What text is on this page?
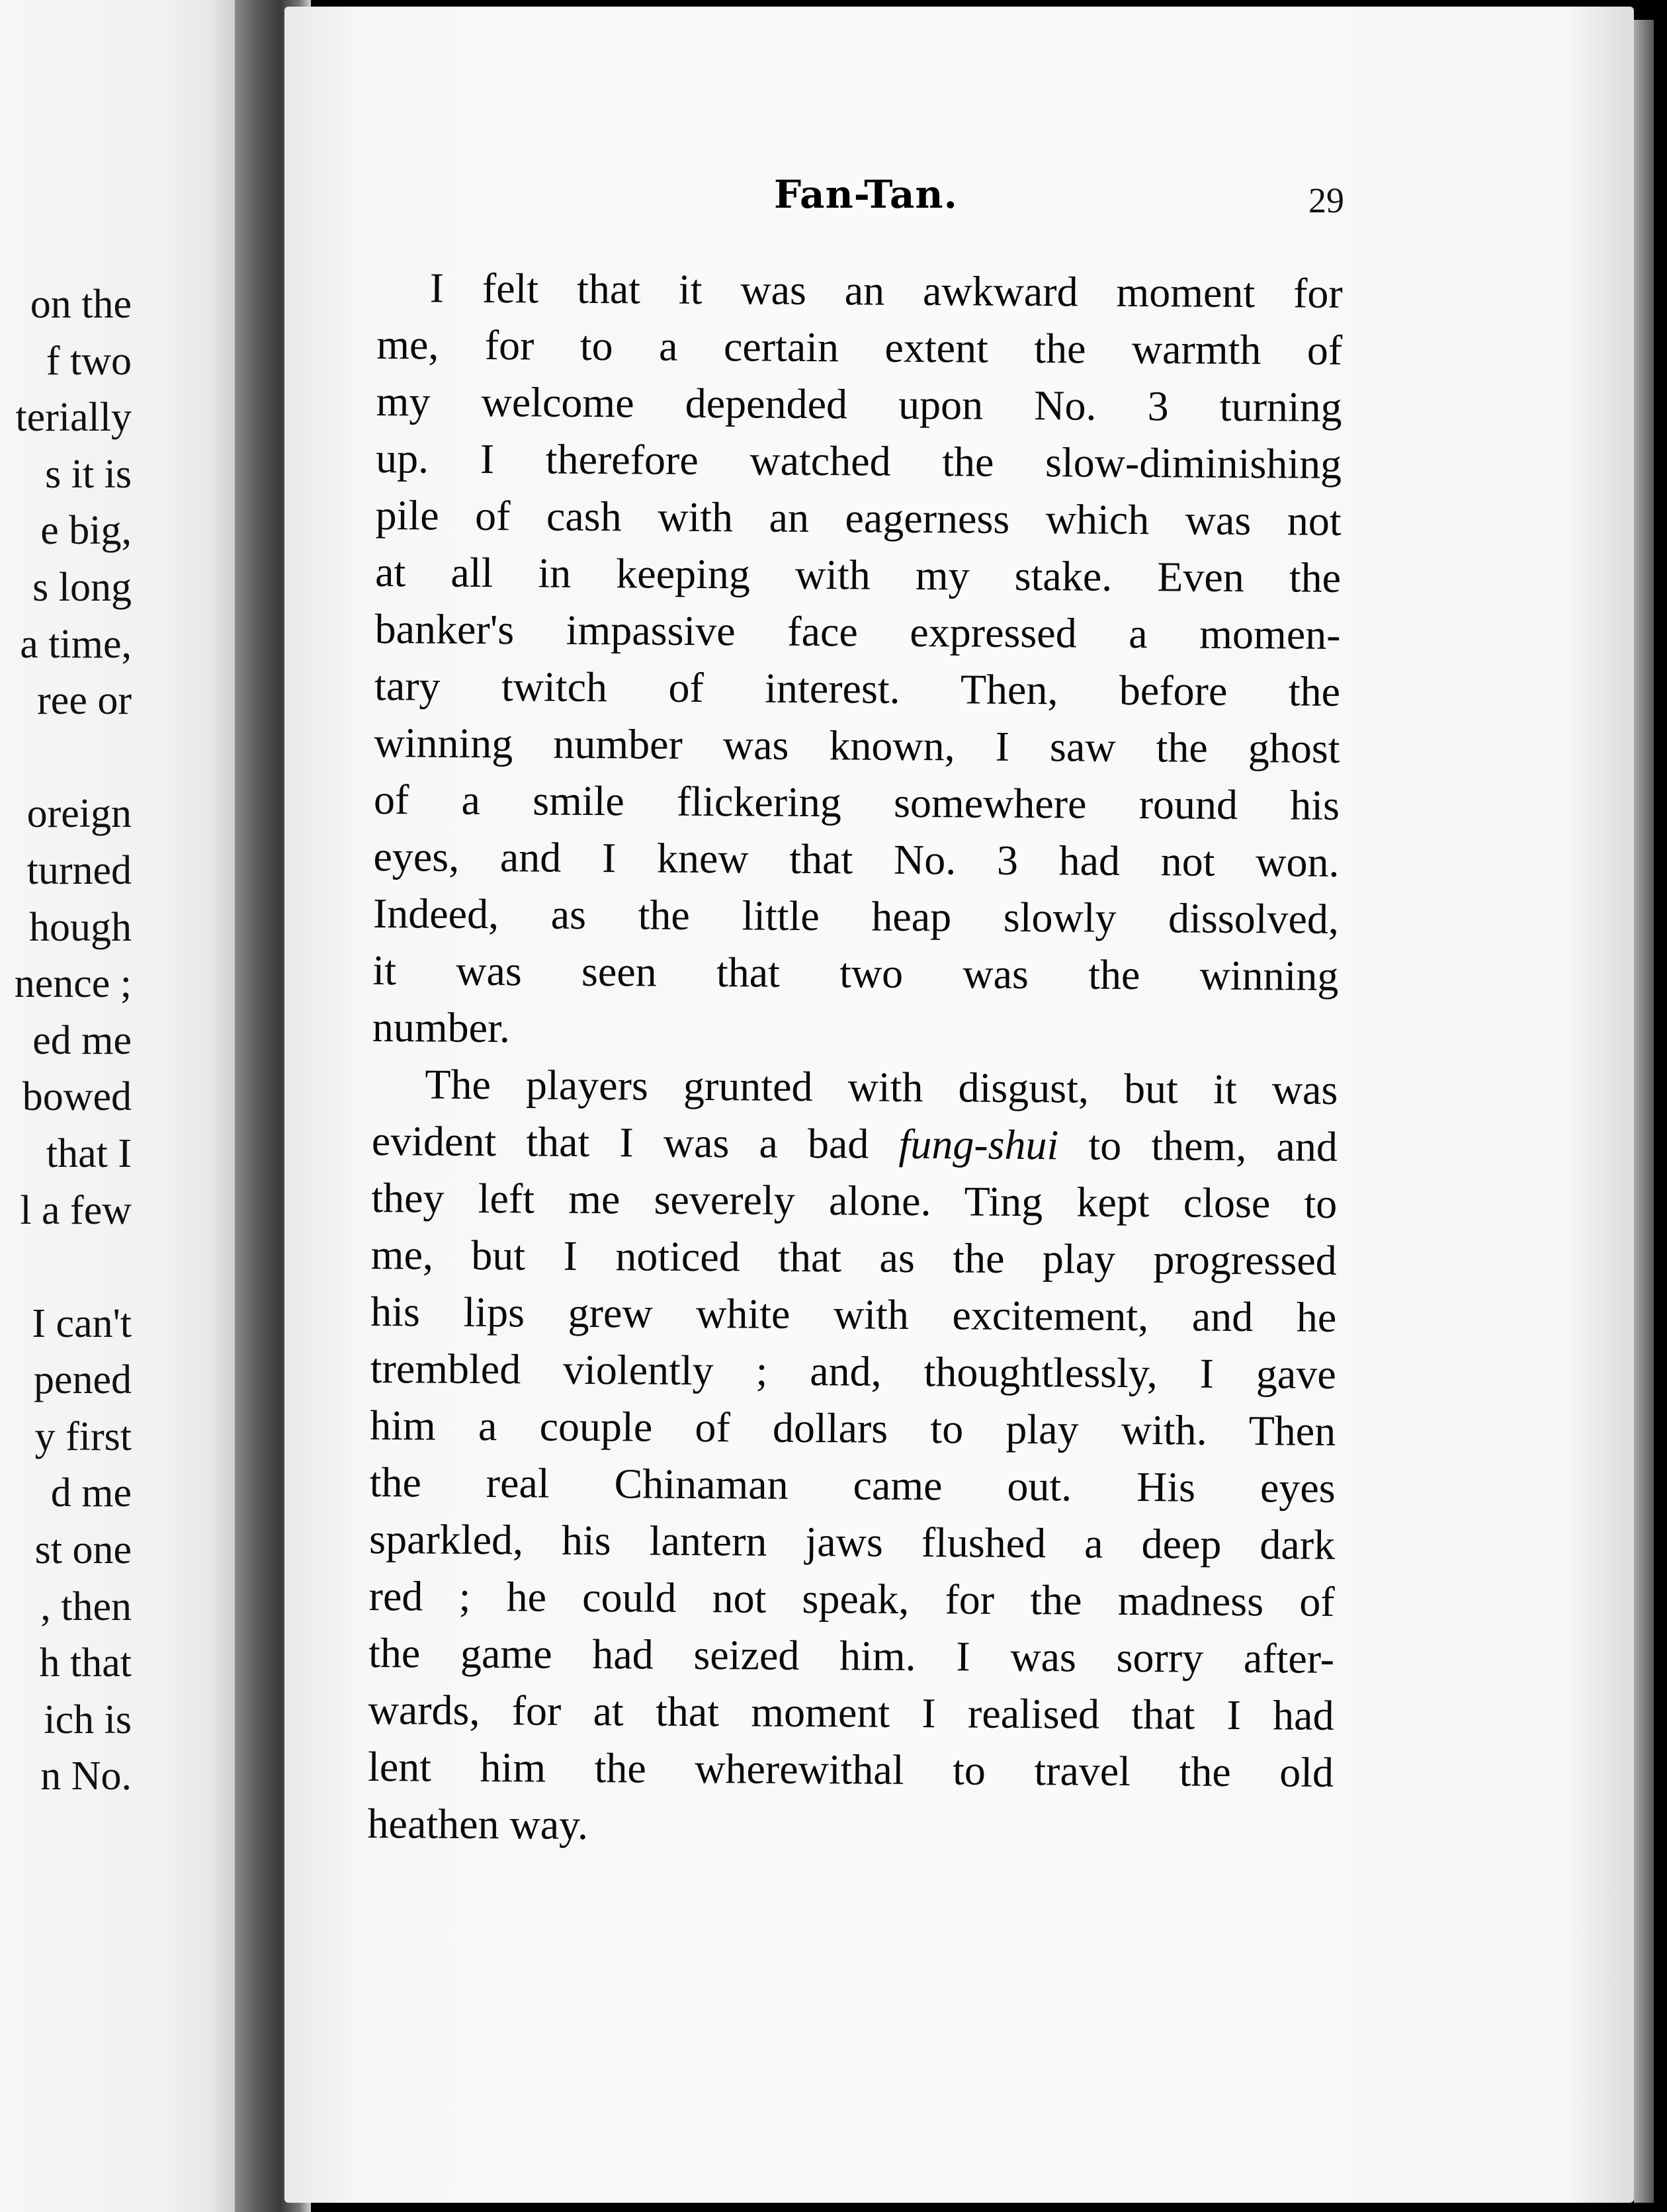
on the
f two
terially
s it is
e big,
s long
a time,
ree or
oreign
turned
hough
nence ;
ed me
bowed
that I
l a few
I can't
pened
y first
d me
st one
, then
h that
ich is
n No.
Fan-Tan.	29
I felt that it was an awkward moment for
me, for to a certain extent the warmth of
my welcome depended upon No. 3 turning
up. I therefore watched the slow-diminishing
pile of cash with an eagerness which was not
at all in keeping with my stake. Even the
banker's impassive face expressed a momen-
tary twitch of interest. Then, before the
winning number was known, I saw the ghost
of a smile flickering somewhere round his
eyes, and I knew that No. 3 had not won.
Indeed, as the little heap slowly dissolved,
it was seen that two was the winning
number.
The players grunted with disgust, but it was
evident that I was a bad fung-shui to them, and
they left me severely alone. Ting kept close to
me, but I noticed that as the play progressed
his lips grew white with excitement, and he
trembled violently ; and, thoughtlessly, I gave
him a couple of dollars to play with. Then
the real Chinaman came out. His eyes
sparkled, his lantern jaws flushed a deep dark
red ; he could not speak, for the madness of
the game had seized him. I was sorry after-
wards, for at that moment I realised that I had
lent him the wherewithal to travel the old
heathen way.
